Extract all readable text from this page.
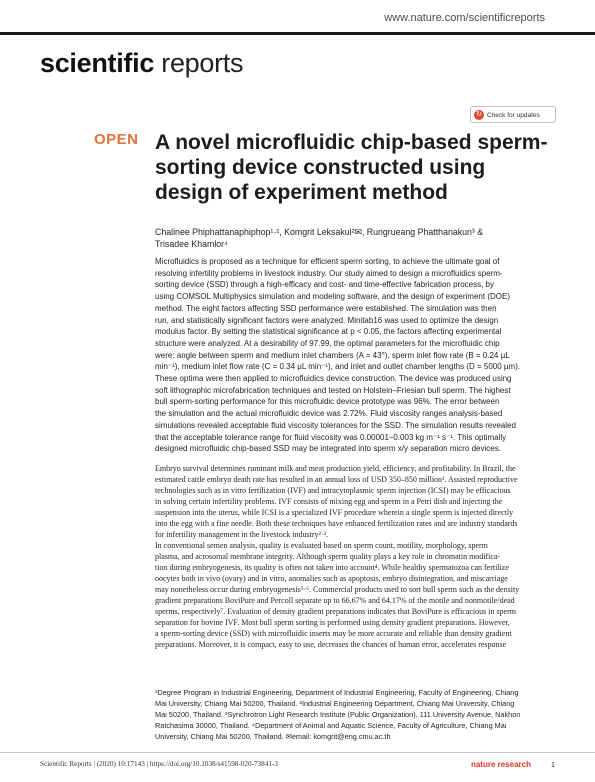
www.nature.com/scientificreports
scientific reports
↻ Check for updates
OPEN A novel microfluidic chip-based sperm-sorting device constructed using design of experiment method
Chalinee Phiphattanaphiphop¹·², Komgrit Leksakul²✉, Rungrueang Phatthanakun³ &
Trisadee Khamlor⁴
Microfluidics is proposed as a technique for efficient sperm sorting, to achieve the ultimate goal of
resolving infertility problems in livestock industry. Our study aimed to design a microfluidics sperm-
sorting device (SSD) through a high-efficacy and cost- and time-effective fabrication process, by
using COMSOL Multiphysics simulation and modeling software, and the design of experiment (DOE)
method. The eight factors affecting SSD performance were established. The simulation was then
run, and statistically significant factors were analyzed. Minitab16 was used to optimize the design
modulus factor. By setting the statistical significance at p < 0.05, the factors affecting experimental
structure were analyzed. At a desirability of 97.99, the optimal parameters for the microfluidic chip
were: angle between sperm and medium inlet chambers (A = 43°), sperm inlet flow rate (B = 0.24 µL
min⁻¹), medium inlet flow rate (C = 0.34 µL min⁻¹), and inlet and outlet chamber lengths (D = 5000 µm).
These optima were then applied to microfluidics device construction. The device was produced using
soft lithographic microfabrication techniques and tested on Holstein–Friesian bull sperm. The highest
bull sperm-sorting performance for this microfluidic device prototype was 96%. The error between
the simulation and the actual microfluidic device was 2.72%. Fluid viscosity ranges analysis-based
simulations revealed acceptable fluid viscosity tolerances for the SSD. The simulation results revealed
that the acceptable tolerance range for fluid viscosity was 0.00001–0.003 kg m⁻¹ s⁻¹. This optimally
designed microfluidic chip-based SSD may be integrated into sperm x/y separation micro devices.
Embryo survival determines ruminant milk and meat production yield, efficiency, and profitability. In Brazil, the
estimated cattle embryo death rate has resulted in an annual loss of USD 350–850 million¹. Assisted reproductive
technologies such as in vitro fertilization (IVF) and intracytoplasmic sperm injection (ICSI) may be efficacious
in solving certain infertility problems. IVF consists of mixing egg and sperm in a Petri dish and injecting the
suspension into the uterus, while ICSI is a specialized IVF procedure wherein a single sperm is injected directly
into the egg with a fine needle. Both these techniques have enhanced fertilization rates and are industry standards
for infertility management in the livestock industry²·³.
In conventional semen analysis, quality is evaluated based on sperm count, motility, morphology, sperm
plasma, and acrosomal membrane integrity. Although sperm quality plays a key role in chromatin modifica-
tion during embryogenesis, its quality is often not taken into account⁴. While healthy spermatozoa can fertilize
oocytes both in vivo (ovary) and in vitro, anomalies such as apoptosis, embryo disintegration, and miscarriage
may nonetheless occur during embryogenesis⁵·⁶. Commercial products used to sort bull sperm such as the density
gradient preparations BoviPure and Percoll separate up to 66.67% and 64.17% of the motile and nonmotile/dead
sperms, respectively⁷. Evaluation of density gradient preparations indicates that BoviPure is efficacious in sperm
separation for bovine IVF. Most bull sperm sorting is performed using density gradient preparations. However,
a sperm-sorting device (SSD) with microfluidic inserts may be more accurate and reliable than density gradient
preparations. Moreover, it is compact, easy to use, decreases the chances of human error, accelerates response
¹Degree Program in Industrial Engineering, Department of Industrial Engineering, Faculty of Engineering, Chiang
Mai University, Chiang Mai 50200, Thailand. ²Industrial Engineering Department, Chiang Mai University, Chiang
Mai 50200, Thailand. ³Synchrotron Light Research Institute (Public Organization), 111 University Avenue, Nakhon
Ratchasima 30000, Thailand. ⁴Department of Animal and Aquatic Science, Faculty of Agriculture, Chiang Mai
University, Chiang Mai 50200, Thailand. ✉email: komgrit@eng.cmu.ac.th
Scientific Reports | (2020) 10:17143 | https://doi.org/10.1038/s41598-020-73841-3	nature research	1
